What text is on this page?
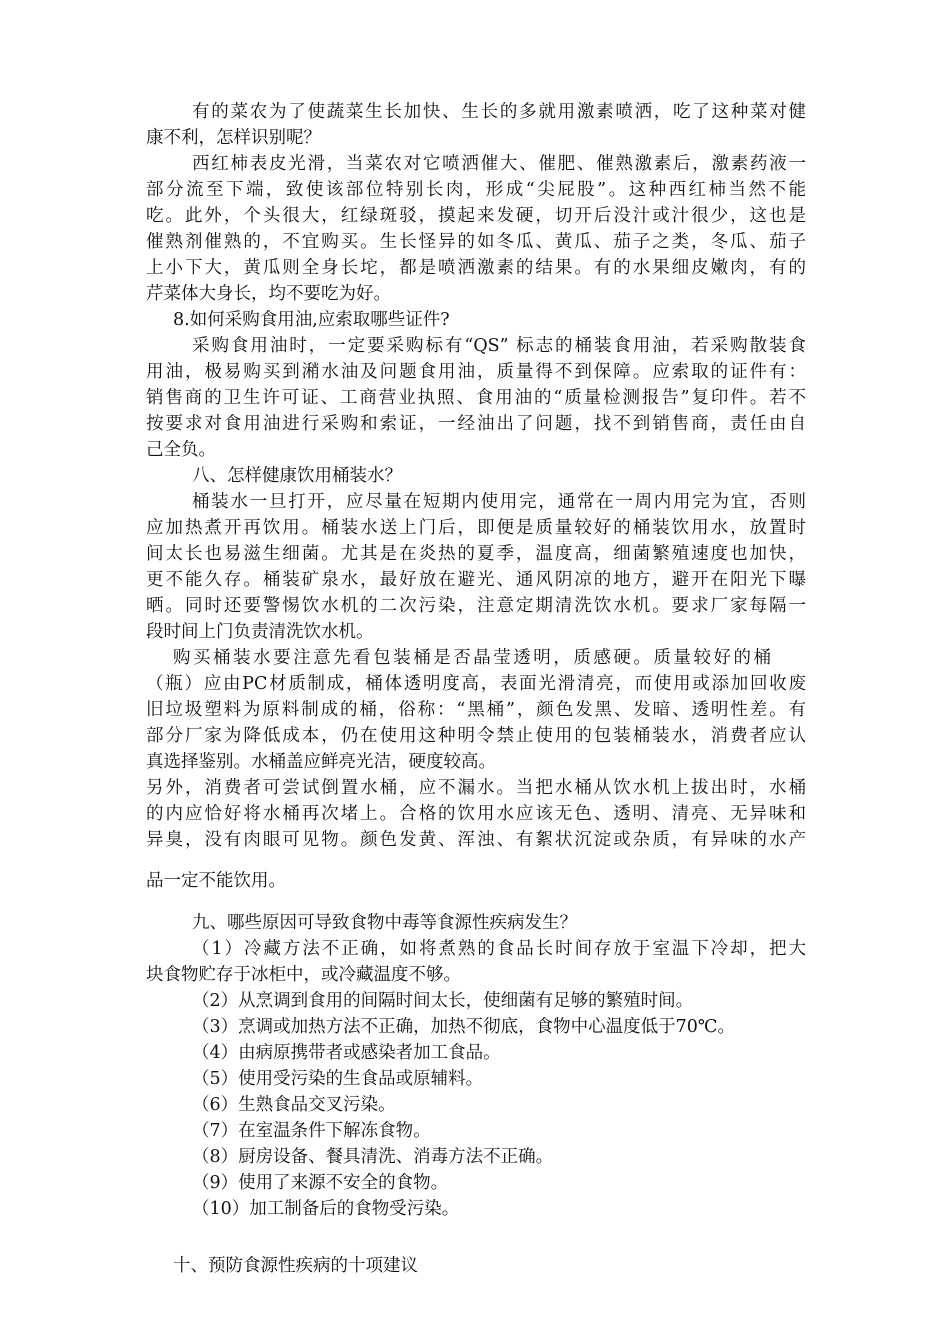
有的菜农为了使蔬菜生长加快、生长的多就用激素喷洒，吃了这种菜对健
康不利，怎样识别呢？
西红柿表皮光滑，当菜农对它喷洒催大、催肥、催熟激素后，激素药液一
部分流至下端，致使该部位特别长肉，形成“尖屁股”。这种西红柿当然不能
吃。此外，个头很大，红绿斑驳，摸起来发硬，切开后没汁或汁很少，这也是
催熟剂催熟的，不宜购买。生长怪异的如冬瓜、黄瓜、茄子之类，冬瓜、茄子
上小下大，黄瓜则全身长坨，都是喷洒激素的结果。有的水果细皮嫩肉，有的
芹菜体大身长，均不要吃为好。
8.如何采购食用油,应索取哪些证件?
采购食用油时，一定要采购标有“QS” 标志的桶装食用油，若采购散装食
用油，极易购买到潲水油及问题食用油，质量得不到保障。应索取的证件有：
销售商的卫生许可证、工商营业执照、食用油的“质量检测报告”复印件。若不
按要求对食用油进行采购和索证，一经油出了问题，找不到销售商，责任由自
己全负。
八、怎样健康饮用桶装水？
桶装水一旦打开，应尽量在短期内使用完，通常在一周内用完为宜，否则
应加热煮开再饮用。桶装水送上门后，即便是质量较好的桶装饮用水，放置时
间太长也易滋生细菌。尤其是在炎热的夏季，温度高，细菌繁殖速度也加快，
更不能久存。桶装矿泉水，最好放在避光、通风阴凉的地方，避开在阳光下曝
晒。同时还要警惕饮水机的二次污染，注意定期清洗饮水机。要求厂家每隔一
段时间上门负责清洗饮水机。
购买桶装水要注意先看包装桶是否晶莹透明，质感硬。质量较好的桶
（瓶）应由PC材质制成，桶体透明度高，表面光滑清亮，而使用或添加回收废
旧垃圾塑料为原料制成的桶，俗称：“黑桶”，颜色发黑、发暗、透明性差。有
部分厂家为降低成本，仍在使用这种明令禁止使用的包装桶装水，消费者应认
真选择鉴别。水桶盖应鲜亮光洁，硬度较高。
另外，消费者可尝试倒置水桶，应不漏水。当把水桶从饮水机上拔出时，水桶
的内应恰好将水桶再次堵上。合格的饮用水应该无色、透明、清亮、无异味和
异臭，没有肉眼可见物。颜色发黄、浑浊、有絮状沉淀或杂质，有异味的水产
品一定不能饮用。
九、哪些原因可导致食物中毒等食源性疾病发生？
（1）冷藏方法不正确，如将煮熟的食品长时间存放于室温下冷却，把大
块食物贮存于冰柜中，或冷藏温度不够。
（2）从烹调到食用的间隔时间太长，使细菌有足够的繁殖时间。
（3）烹调或加热方法不正确，加热不彻底，食物中心温度低于70℃。
（4）由病原携带者或感染者加工食品。
（5）使用受污染的生食品或原辅料。
（6）生熟食品交叉污染。
（7）在室温条件下解冻食物。
（8）厨房设备、餐具清洗、消毒方法不正确。
（9）使用了来源不安全的食物。
（10）加工制备后的食物受污染。
十、预防食源性疾病的十项建议
